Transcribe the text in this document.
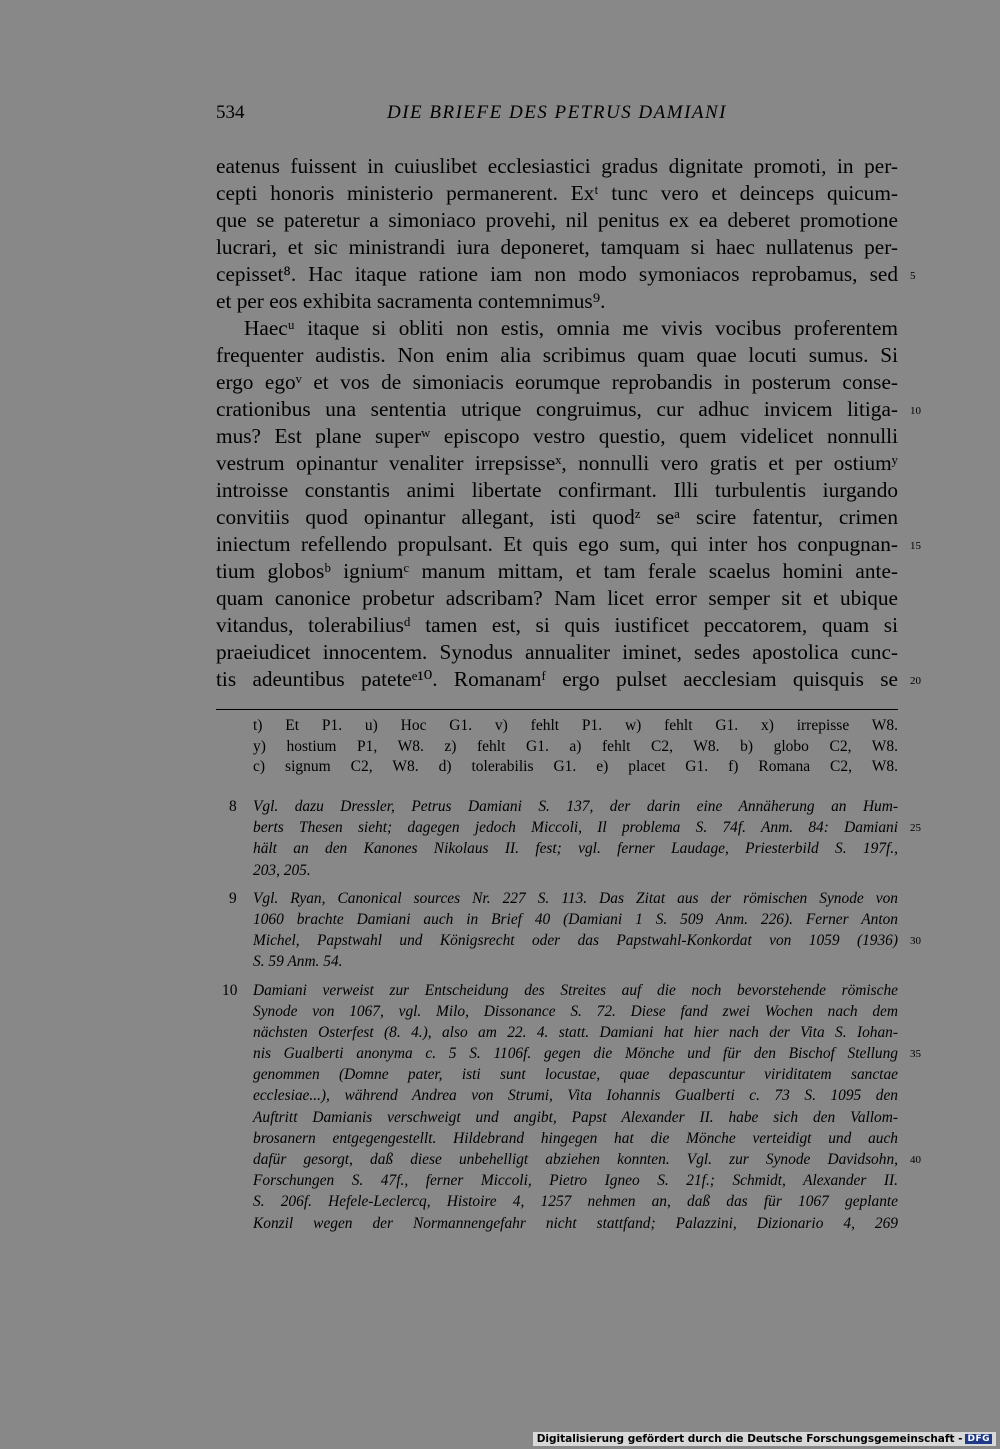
534	DIE BRIEFE DES PETRUS DAMIANI
eatenus fuissent in cuiuslibet ecclesiastici gradus dignitate promoti, in per-
cepti honoris ministerio permanerent. Exᵗ tunc vero et deinceps quicum-
que se pateretur a simoniaco provehi, nil penitus ex ea deberet promotione
lucrari, et sic ministrandi iura deponeret, tamquam si haec nullatenus per-
cepisset⁸. Hac itaque ratione iam non modo symoniacos reprobamus, sed 5
et per eos exhibita sacramenta contemnimus⁹.
Haecᵘ itaque si obliti non estis, omnia me vivis vocibus proferentem
frequenter audistis. Non enim alia scribimus quam quae locuti sumus. Si
ergo egoᵛ et vos de simoniacis eorumque reprobandis in posterum conse-
crationibus una sententia utrique congruimus, cur adhuc invicem litiga- 10
mus? Est plane superʷ episcopo vestro questio, quem videlicet nonnulli
vestrum opinantur venaliter irrepsisseˣ, nonnulli vero gratis et per ostiumʸ
introisse constantis animi libertate confirmant. Illi turbulentis iurgando
convitiis quod opinantur allegant, isti quodᶻ seᵃ scire fatentur, crimen
iniectum refellendo propulsant. Et quis ego sum, qui inter hos conpugnan- 15
tium globosᵇ igniumᶜ manum mittam, et tam ferale scaelus homini ante-
quam canonice probetur adscribam? Nam licet error semper sit et ubique
vitandus, tolerabiliusᵈ tamen est, si quis iustificet peccatorem, quam si
praeiudicet innocentem. Synodus annualiter iminet, sedes apostolica cunc-
tis adeuntibus pateteᵉ¹⁰. Romanamᶠ ergo pulset aecclesiam quisquis se 20
t) Et P1. u) Hoc G1. v) fehlt P1. w) fehlt G1. x) irrepisse W8.
y) hostium P1, W8. z) fehlt G1. a) fehlt C2, W8. b) globo C2, W8.
c) signum C2, W8. d) tolerabilis G1. e) placet G1. f) Romana C2, W8.
8 Vgl. dazu Dressler, Petrus Damiani S. 137, der darin eine Annäherung an Hum-
berts Thesen sieht; dagegen jedoch Miccoli, Il problema S. 74f. Anm. 84: Damiani 25
hält an den Kanones Nikolaus II. fest; vgl. ferner Laudage, Priesterbild S. 197f.,
203, 205.
9 Vgl. Ryan, Canonical sources Nr. 227 S. 113. Das Zitat aus der römischen Synode von
1060 brachte Damiani auch in Brief 40 (Damiani 1 S. 509 Anm. 226). Ferner Anton
Michel, Papstwahl und Königsrecht oder das Papstwahl-Konkordat von 1059 (1936) 30
S. 59 Anm. 54.
10 Damiani verweist zur Entscheidung des Streites auf die noch bevorstehende römische
Synode von 1067, vgl. Milo, Dissonance S. 72. Diese fand zwei Wochen nach dem
nächsten Osterfest (8. 4.), also am 22. 4. statt. Damiani hat hier nach der Vita S. Iohan-
nis Gualberti anonyma c. 5 S. 1106f. gegen die Mönche und für den Bischof Stellung 35
genommen (Domne pater, isti sunt locustae, quae depascuntur viriditatem sanctae
ecclesiae...), während Andrea von Strumi, Vita Iohannis Gualberti c. 73 S. 1095 den
Auftritt Damianis verschweigt und angibt, Papst Alexander II. habe sich den Vallom-
brosanern entgegengestellt. Hildebrand hingegen hat die Mönche verteidigt und auch
dafür gesorgt, daß diese unbehelligt abziehen konnten. Vgl. zur Synode Davidsohn, 40
Forschungen S. 47f., ferner Miccoli, Pietro Igneo S. 21f.; Schmidt, Alexander II.
S. 206f. Hefele-Leclercq, Histoire 4, 1257 nehmen an, daß das für 1067 geplante
Konzil wegen der Normannengefahr nicht stattfand; Palazzini, Dizionario 4, 269
Digitalisierung gefördert durch die Deutsche Forschungsgemeinschaft - DFG
